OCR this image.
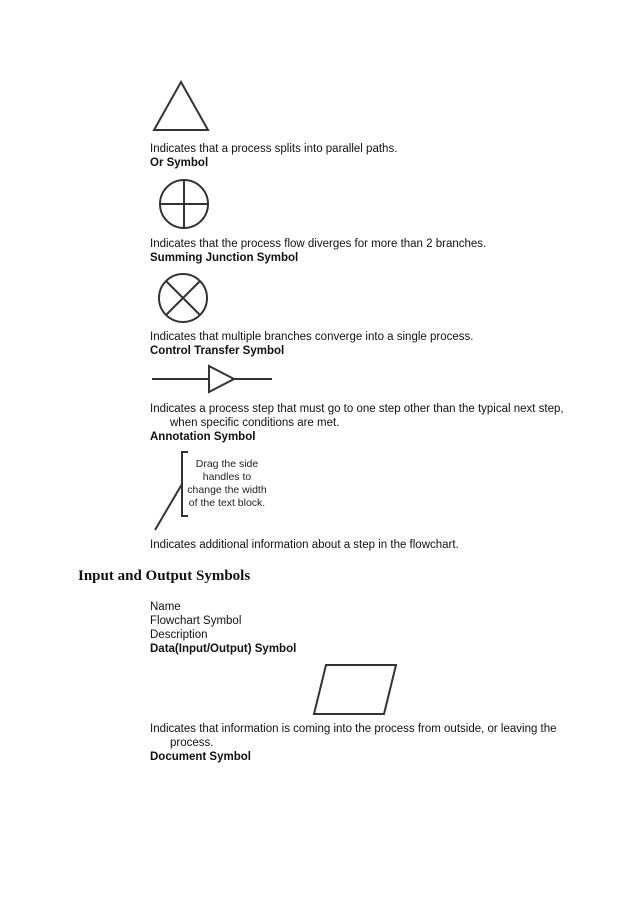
Indicates that a process splits into parallel paths.
Or Symbol
Indicates that the process flow diverges for more than 2 branches.
Summing Junction Symbol
Indicates that multiple branches converge into a single process.
Control Transfer Symbol
Indicates a process step that must go to one step other than the typical next step,
when specific conditions are met.
Annotation Symbol
Drag the side
handles to
change the width
of the text block.
Indicates additional information about a step in the flowchart.
Input and Output Symbols
Name
Flowchart Symbol
Description
Data(Input/Output) Symbol
Indicates that information is coming into the process from outside, or leaving the
process.
Document Symbol
